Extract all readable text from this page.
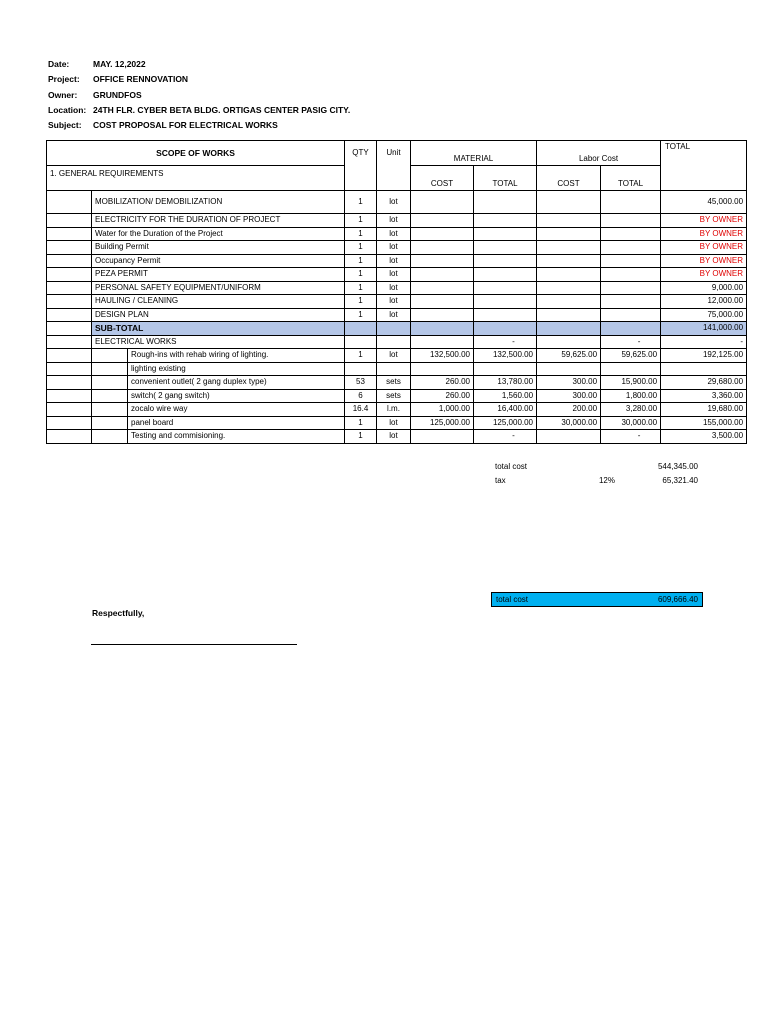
Date:	MAY. 12,2022
Project:	OFFICE RENNOVATION
Owner:	GRUNDFOS
Location: 24TH FLR. CYBER BETA BLDG. ORTIGAS CENTER PASIG CITY.
Subject:	COST PROPOSAL FOR ELECTRICAL WORKS
SCOPE OF WORKS			QTY	Unit	MATERIAL		Labor Cost		TOTAL
1. GENERAL REQUIREMENTS					COST	TOTAL	COST	TOTAL	
	MOBILIZATION/ DEMOBILIZATION		1	lot					45,000.00
	ELECTRICITY FOR THE DURATION OF PROJECT		1	lot					BY OWNER
	Water for the Duration of the Project		1	lot					BY OWNER
	Building Permit		1	lot					BY OWNER
	Occupancy Permit		1	lot					BY OWNER
	PEZA PERMIT		1	lot					BY OWNER
	PERSONAL SAFETY EQUIPMENT/UNIFORM		1	lot					9,000.00
	HAULING / CLEANING		1	lot					12,000.00
	DESIGN PLAN		1	lot					75,000.00
	SUB-TOTAL								141,000.00
	ELECTRICAL WORKS					-		-	-
		Rough-ins with rehab wiring of lighting.	1	lot	132,500.00	132,500.00	59,625.00	59,625.00	192,125.00
		lighting existing							
		convenient outlet( 2 gang duplex type)	53	sets	260.00	13,780.00	300.00	15,900.00	29,680.00
		switch( 2 gang switch)	6	sets	260.00	1,560.00	300.00	1,800.00	3,360.00
		zocalo wire way	16.4	l.m.	1,000.00	16,400.00	200.00	3,280.00	19,680.00
		panel board	1	lot	125,000.00	125,000.00	30,000.00	30,000.00	155,000.00
		Testing and commisioning.	1	lot		-		-	3,500.00
total cost	544,345.00
tax	12%	65,321.40
total cost	609,666.40
Respectfully,
